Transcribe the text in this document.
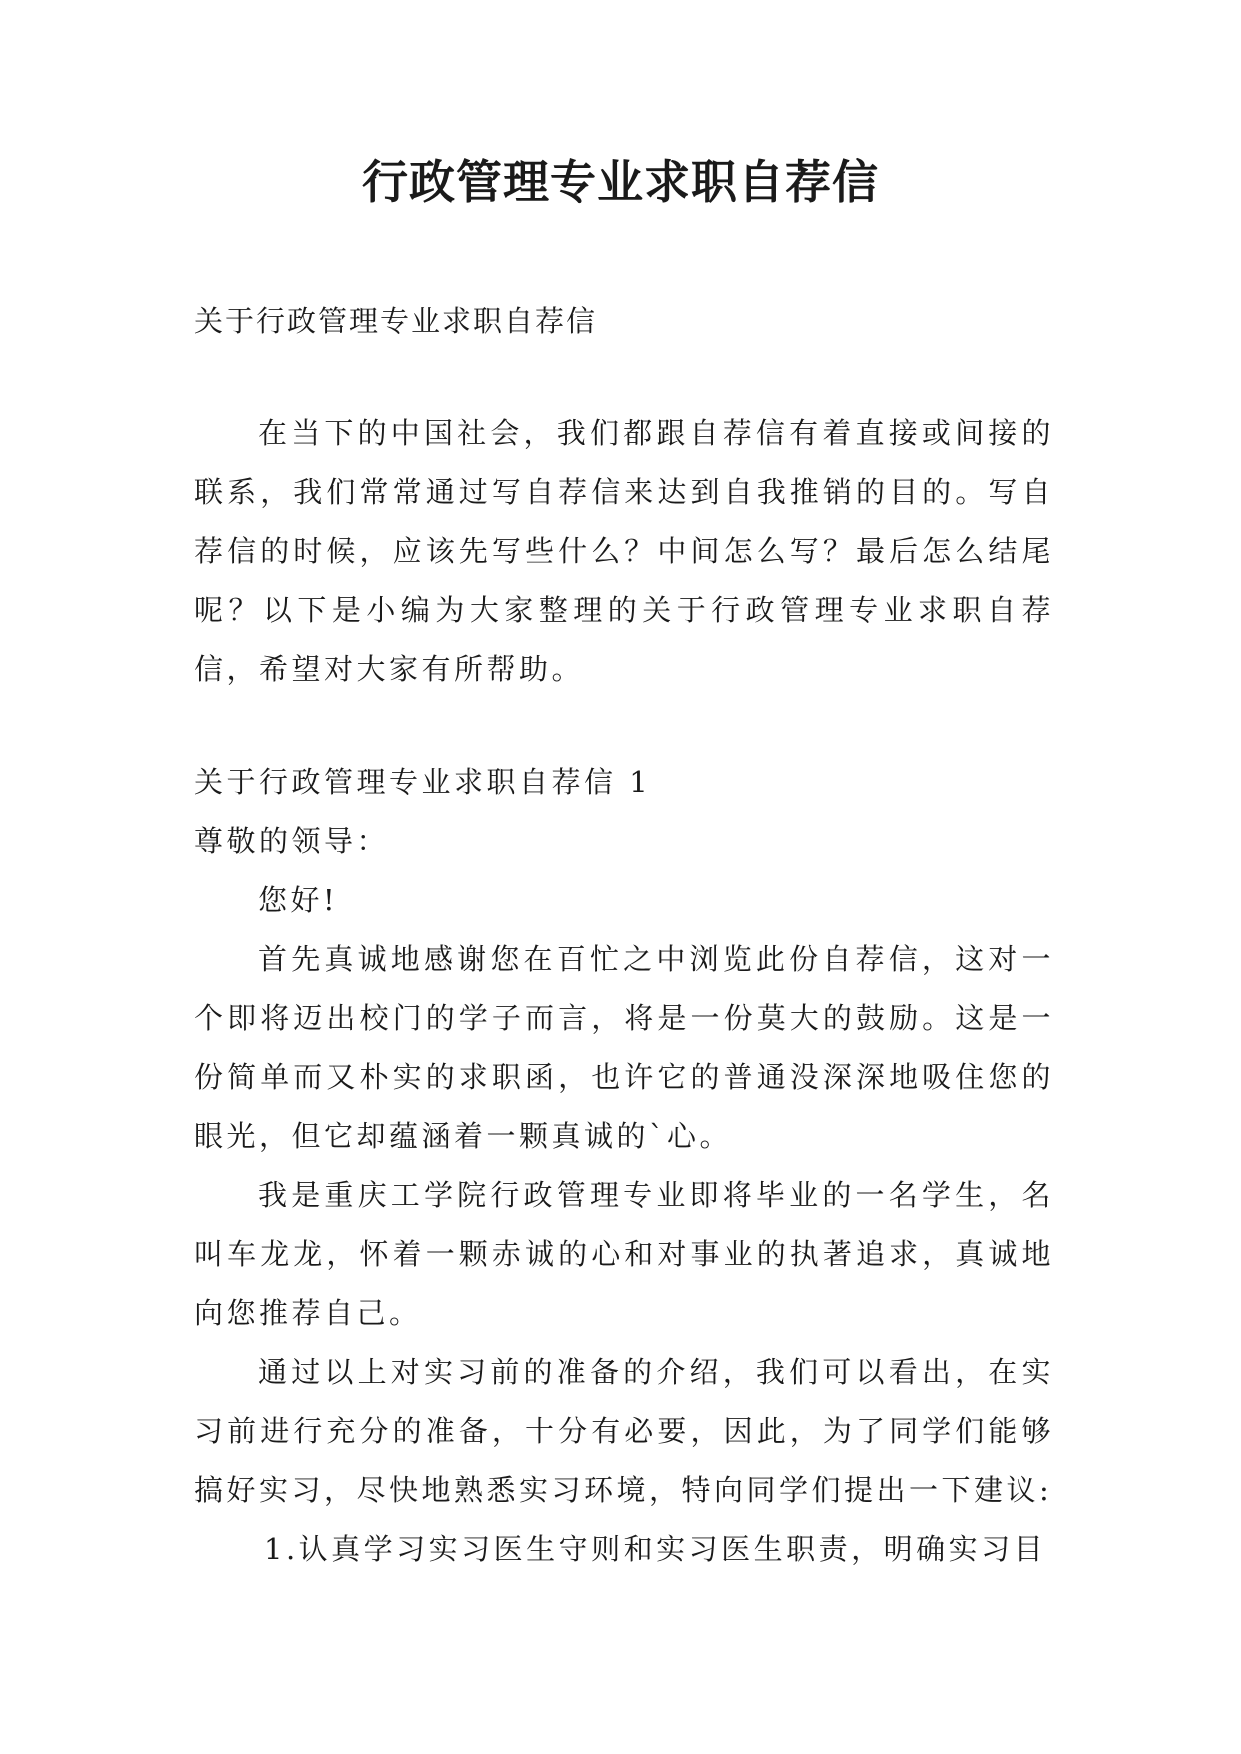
行政管理专业求职自荐信
关于行政管理专业求职自荐信

在当下的中国社会，我们都跟自荐信有着直接或间接的联系，我们常常通过写自荐信来达到自我推销的目的。写自荐信的时候，应该先写些什么？中间怎么写？最后怎么结尾呢？以下是小编为大家整理的关于行政管理专业求职自荐信，希望对大家有所帮助。

关于行政管理专业求职自荐信 1

尊敬的领导：

您好!

首先真诚地感谢您在百忙之中浏览此份自荐信，这对一个即将迈出校门的学子而言，将是一份莫大的鼓励。这是一份简单而又朴实的求职函，也许它的普通没深深地吸住您的眼光，但它却蕴涵着一颗真诚的`心。

我是重庆工学院行政管理专业即将毕业的一名学生，名叫车龙龙，怀着一颗赤诚的心和对事业的执著追求，真诚地向您推荐自己。

通过以上对实习前的准备的介绍，我们可以看出，在实习前进行充分的准备，十分有必要，因此，为了同学们能够搞好实习，尽快地熟悉实习环境，特向同学们提出一下建议:

1.认真学习实习医生守则和实习医生职责，明确实习目
